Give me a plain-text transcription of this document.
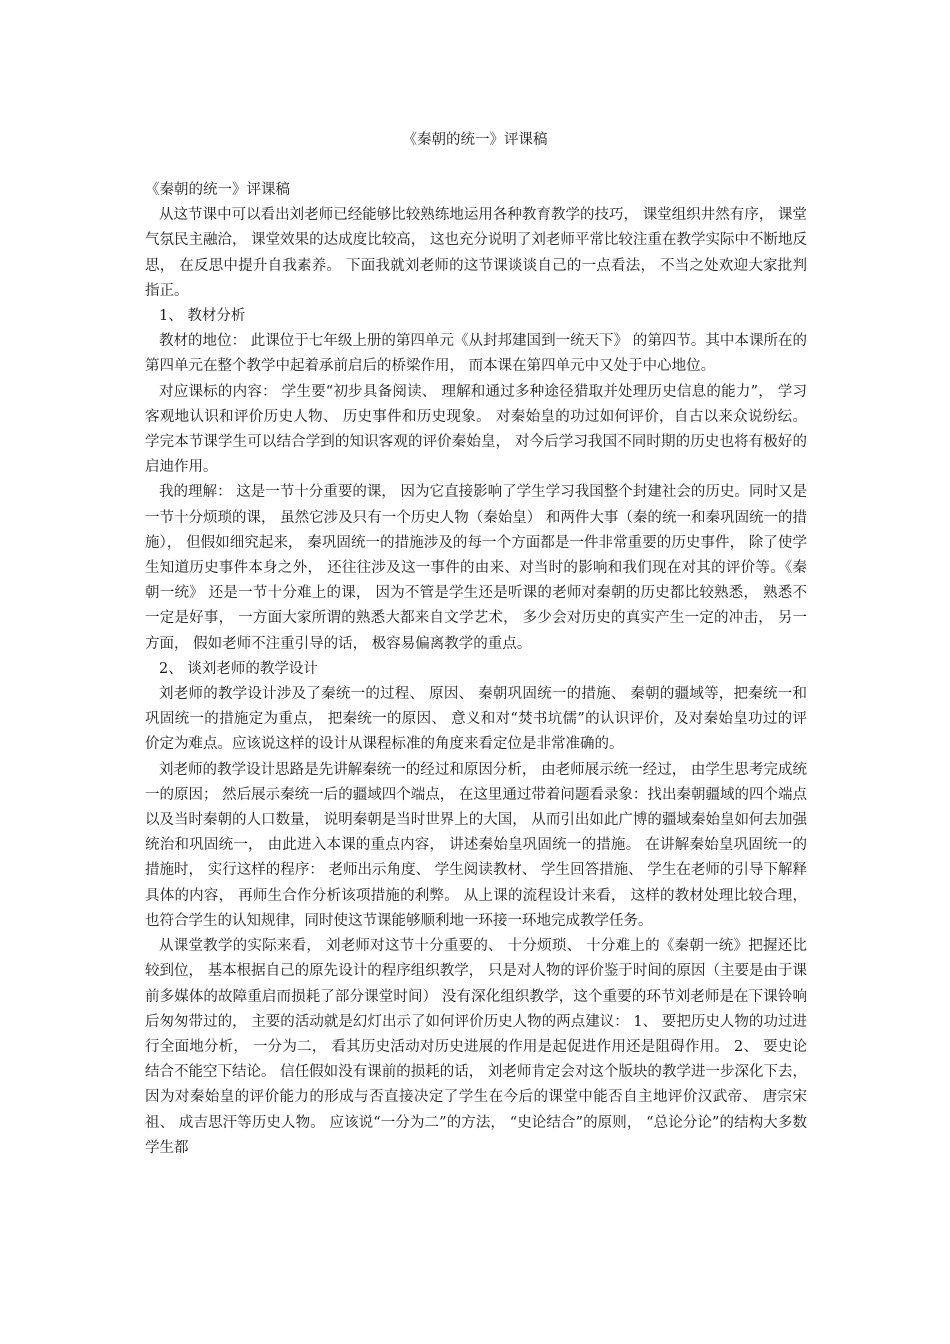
《秦朝的统一》评课稿

《秦朝的统一》评课稿

从这节课中可以看出刘老师已经能够比较熟练地运用各种教育教学的技巧， 课堂组织井然有序， 课堂气氛民主融洽， 课堂效果的达成度比较高， 这也充分说明了刘老师平常比较注重在教学实际中不断地反思， 在反思中提升自我素养。 下面我就刘老师的这节课谈谈自己的一点看法， 不当之处欢迎大家批判指正。

1、 教材分析

教材的地位： 此课位于七年级上册的第四单元《从封邦建国到一统天下》 的第四节。其中本课所在的第四单元在整个教学中起着承前启后的桥梁作用， 而本课在第四单元中又处于中心地位。

对应课标的内容： 学生要“初步具备阅读、 理解和通过多种途径猎取并处理历史信息的能力”， 学习客观地认识和评价历史人物、 历史事件和历史现象。 对秦始皇的功过如何评价，自古以来众说纷纭。 学完本节课学生可以结合学到的知识客观的评价秦始皇， 对今后学习我国不同时期的历史也将有极好的启迪作用。

我的理解： 这是一节十分重要的课， 因为它直接影响了学生学习我国整个封建社会的历史。同时又是一节十分烦琐的课， 虽然它涉及只有一个历史人物（秦始皇） 和两件大事（秦的统一和秦巩固统一的措施）， 但假如细究起来， 秦巩固统一的措施涉及的每一个方面都是一件非常重要的历史事件， 除了使学生知道历史事件本身之外， 还往往涉及这一事件的由来、对当时的影响和我们现在对其的评价等。《秦朝一统》 还是一节十分难上的课， 因为不管是学生还是听课的老师对秦朝的历史都比较熟悉， 熟悉不一定是好事， 一方面大家所谓的熟悉大都来自文学艺术， 多少会对历史的真实产生一定的冲击， 另一方面， 假如老师不注重引导的话， 极容易偏离教学的重点。

2、 谈刘老师的教学设计

刘老师的教学设计涉及了秦统一的过程、 原因、 秦朝巩固统一的措施、 秦朝的疆域等，把秦统一和巩固统一的措施定为重点， 把秦统一的原因、 意义和对“焚书坑儒”的认识评价，及对秦始皇功过的评价定为难点。应该说这样的设计从课程标准的角度来看定位是非常准确的。

刘老师的教学设计思路是先讲解秦统一的经过和原因分析， 由老师展示统一经过， 由学生思考完成统一的原因； 然后展示秦统一后的疆域四个端点， 在这里通过带着问题看录象：找出秦朝疆域的四个端点以及当时秦朝的人口数量， 说明秦朝是当时世界上的大国， 从而引出如此广博的疆域秦始皇如何去加强统治和巩固统一， 由此进入本课的重点内容， 讲述秦始皇巩固统一的措施。 在讲解秦始皇巩固统一的措施时， 实行这样的程序： 老师出示角度、 学生阅读教材、 学生回答措施、 学生在老师的引导下解释具体的内容， 再师生合作分析该项措施的利弊。 从上课的流程设计来看， 这样的教材处理比较合理， 也符合学生的认知规律，同时使这节课能够顺利地一环接一环地完成教学任务。

从课堂教学的实际来看， 刘老师对这节十分重要的、 十分烦琐、 十分难上的《秦朝一统》把握还比较到位， 基本根据自己的原先设计的程序组织教学， 只是对人物的评价鉴于时间的原因（主要是由于课前多媒体的故障重启而损耗了部分课堂时间） 没有深化组织教学，这个重要的环节刘老师是在下课铃响后匆匆带过的， 主要的活动就是幻灯出示了如何评价历史人物的两点建议： 1、 要把历史人物的功过进行全面地分析， 一分为二， 看其历史活动对历史进展的作用是起促进作用还是阻碍作用。 2、 要史论结合不能空下结论。 信任假如没有课前的损耗的话， 刘老师肯定会对这个版块的教学进一步深化下去， 因为对秦始皇的评价能力的形成与否直接决定了学生在今后的课堂中能否自主地评价汉武帝、 唐宗宋祖、 成吉思汗等历史人物。 应该说“一分为二”的方法， “史论结合”的原则， “总论分论”的结构大多数学生都
